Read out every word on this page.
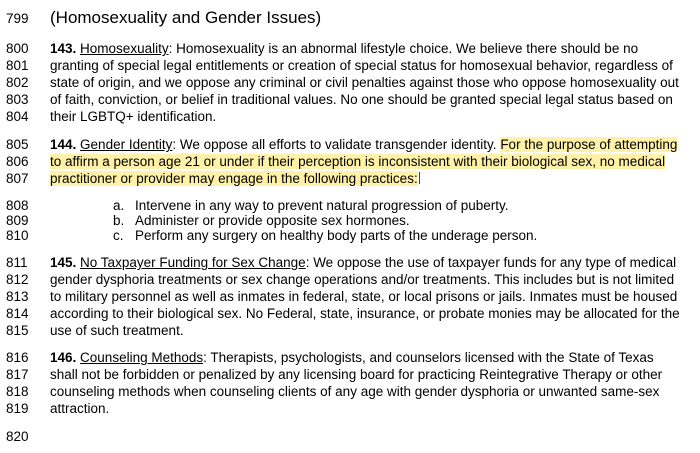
799
800
801
802
803
804
805
806
807
808
809
810
811
812
813
814
815
816
817
818
819
820
(Homosexuality and Gender Issues)
143. Homosexuality: Homosexuality is an abnormal lifestyle choice. We believe there should be no
granting of special legal entitlements or creation of special status for homosexual behavior, regardless of
state of origin, and we oppose any criminal or civil penalties against those who oppose homosexuality out
of faith, conviction, or belief in traditional values. No one should be granted special legal status based on
their LGBTQ+ identification.
144. Gender Identity: We oppose all efforts to validate transgender identity. For the purpose of attempting
to affirm a person age 21 or under if their perception is inconsistent with their biological sex, no medical
practitioner or provider may engage in the following practices:
a. Intervene in any way to prevent natural progression of puberty.
b. Administer or provide opposite sex hormones.
c. Perform any surgery on healthy body parts of the underage person.
145. No Taxpayer Funding for Sex Change: We oppose the use of taxpayer funds for any type of medical
gender dysphoria treatments or sex change operations and/or treatments. This includes but is not limited
to military personnel as well as inmates in federal, state, or local prisons or jails. Inmates must be housed
according to their biological sex. No Federal, state, insurance, or probate monies may be allocated for the
use of such treatment.
146. Counseling Methods: Therapists, psychologists, and counselors licensed with the State of Texas
shall not be forbidden or penalized by any licensing board for practicing Reintegrative Therapy or other
counseling methods when counseling clients of any age with gender dysphoria or unwanted same-sex
attraction.
